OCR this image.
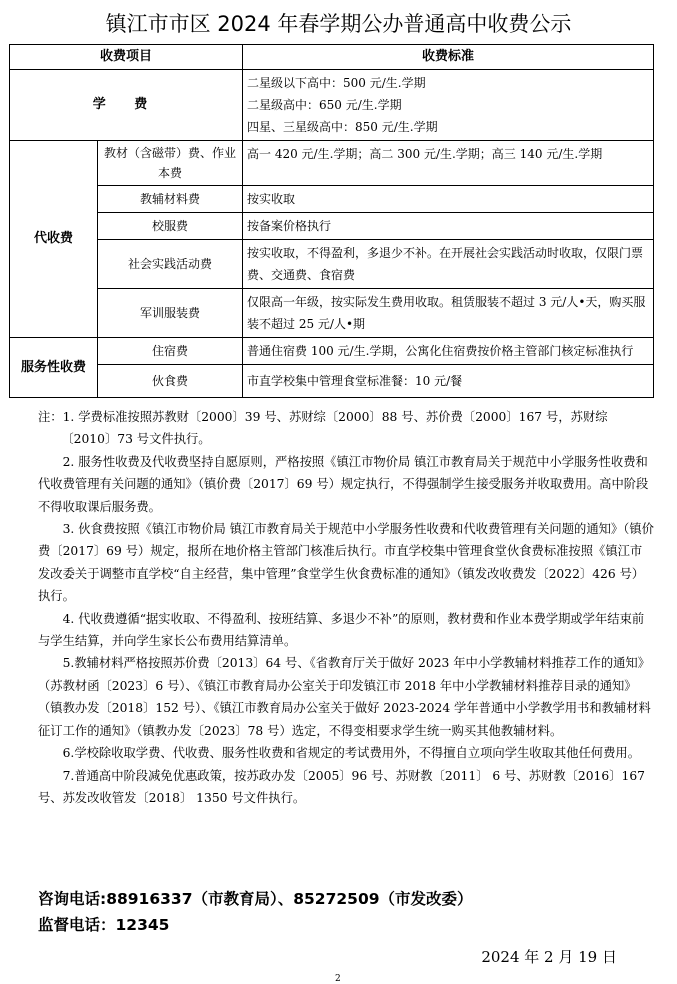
镇江市市区 2024 年春学期公办普通高中收费公示
收费项目		收费标准
学 费		二星级以下高中：500 元/生.学期
二星级高中：650 元/生.学期
四星、三星级高中：850 元/生.学期

代收费	教材（含磁带）费、作业本费	高一 420 元/生.学期；高二 300 元/生.学期；高三 140 元/生.学期
	教辅材料费	按实收取
	校服费	按备案价格执行
	社会实践活动费	按实收取，不得盈利，多退少不补。在开展社会实践活动时收取，仅限门票费、交通费、食宿费
	军训服装费	仅限高一年级，按实际发生费用收取。租赁服装不超过 3 元/人•天，购买服装不超过 25 元/人•期
服务性收费	住宿费	普通住宿费 100 元/生.学期，公寓化住宿费按价格主管部门核定标准执行
	伙食费	市直学校集中管理食堂标准餐：10 元/餐

注：1. 学费标准按照苏教财〔2000〕39 号、苏财综〔2000〕88 号、苏价费〔2000〕167 号，苏财综〔2010〕73 号文件执行。

2. 服务性收费及代收费坚持自愿原则，严格按照《镇江市物价局 镇江市教育局关于规范中小学服务性收费和代收费管理有关问题的通知》（镇价费〔2017〕69 号）规定执行，不得强制学生接受服务并收取费用。高中阶段不得收取课后服务费。

3. 伙食费按照《镇江市物价局 镇江市教育局关于规范中小学服务性收费和代收费管理有关问题的通知》（镇价费〔2017〕69 号）规定，报所在地价格主管部门核准后执行。市直学校集中管理食堂伙食费标准按照《镇江市发改委关于调整市直学校“自主经营，集中管理”食堂学生伙食费标准的通知》（镇发改收费发〔2022〕426 号）执行。

4. 代收费遵循“据实收取、不得盈利、按班结算、多退少不补”的原则，教材费和作业本费学期或学年结束前与学生结算，并向学生家长公布费用结算清单。

5.教辅材料严格按照苏价费〔2013〕64 号、《省教育厅关于做好 2023 年中小学教辅材料推荐工作的通知》（苏教材函〔2023〕6 号）、《镇江市教育局办公室关于印发镇江市 2018 年中小学教辅材料推荐目录的通知》（镇教办发〔2018〕152 号）、《镇江市教育局办公室关于做好 2023-2024 学年普通中小学教学用书和教辅材料征订工作的通知》（镇教办发〔2023〕78 号）选定，不得变相要求学生统一购买其他教辅材料。

6.学校除收取学费、代收费、服务性收费和省规定的考试费用外，不得擅自立项向学生收取其他任何费用。

7.普通高中阶段减免优惠政策，按苏政办发〔2005〕96 号、苏财教〔2011〕 6 号、苏财教〔2016〕167 号、苏发改收管发〔2018〕 1350 号文件执行。

咨询电话:88916337（市教育局）、85272509（市发改委）
监督电话：12345
2024 年 2 月 19 日
2
